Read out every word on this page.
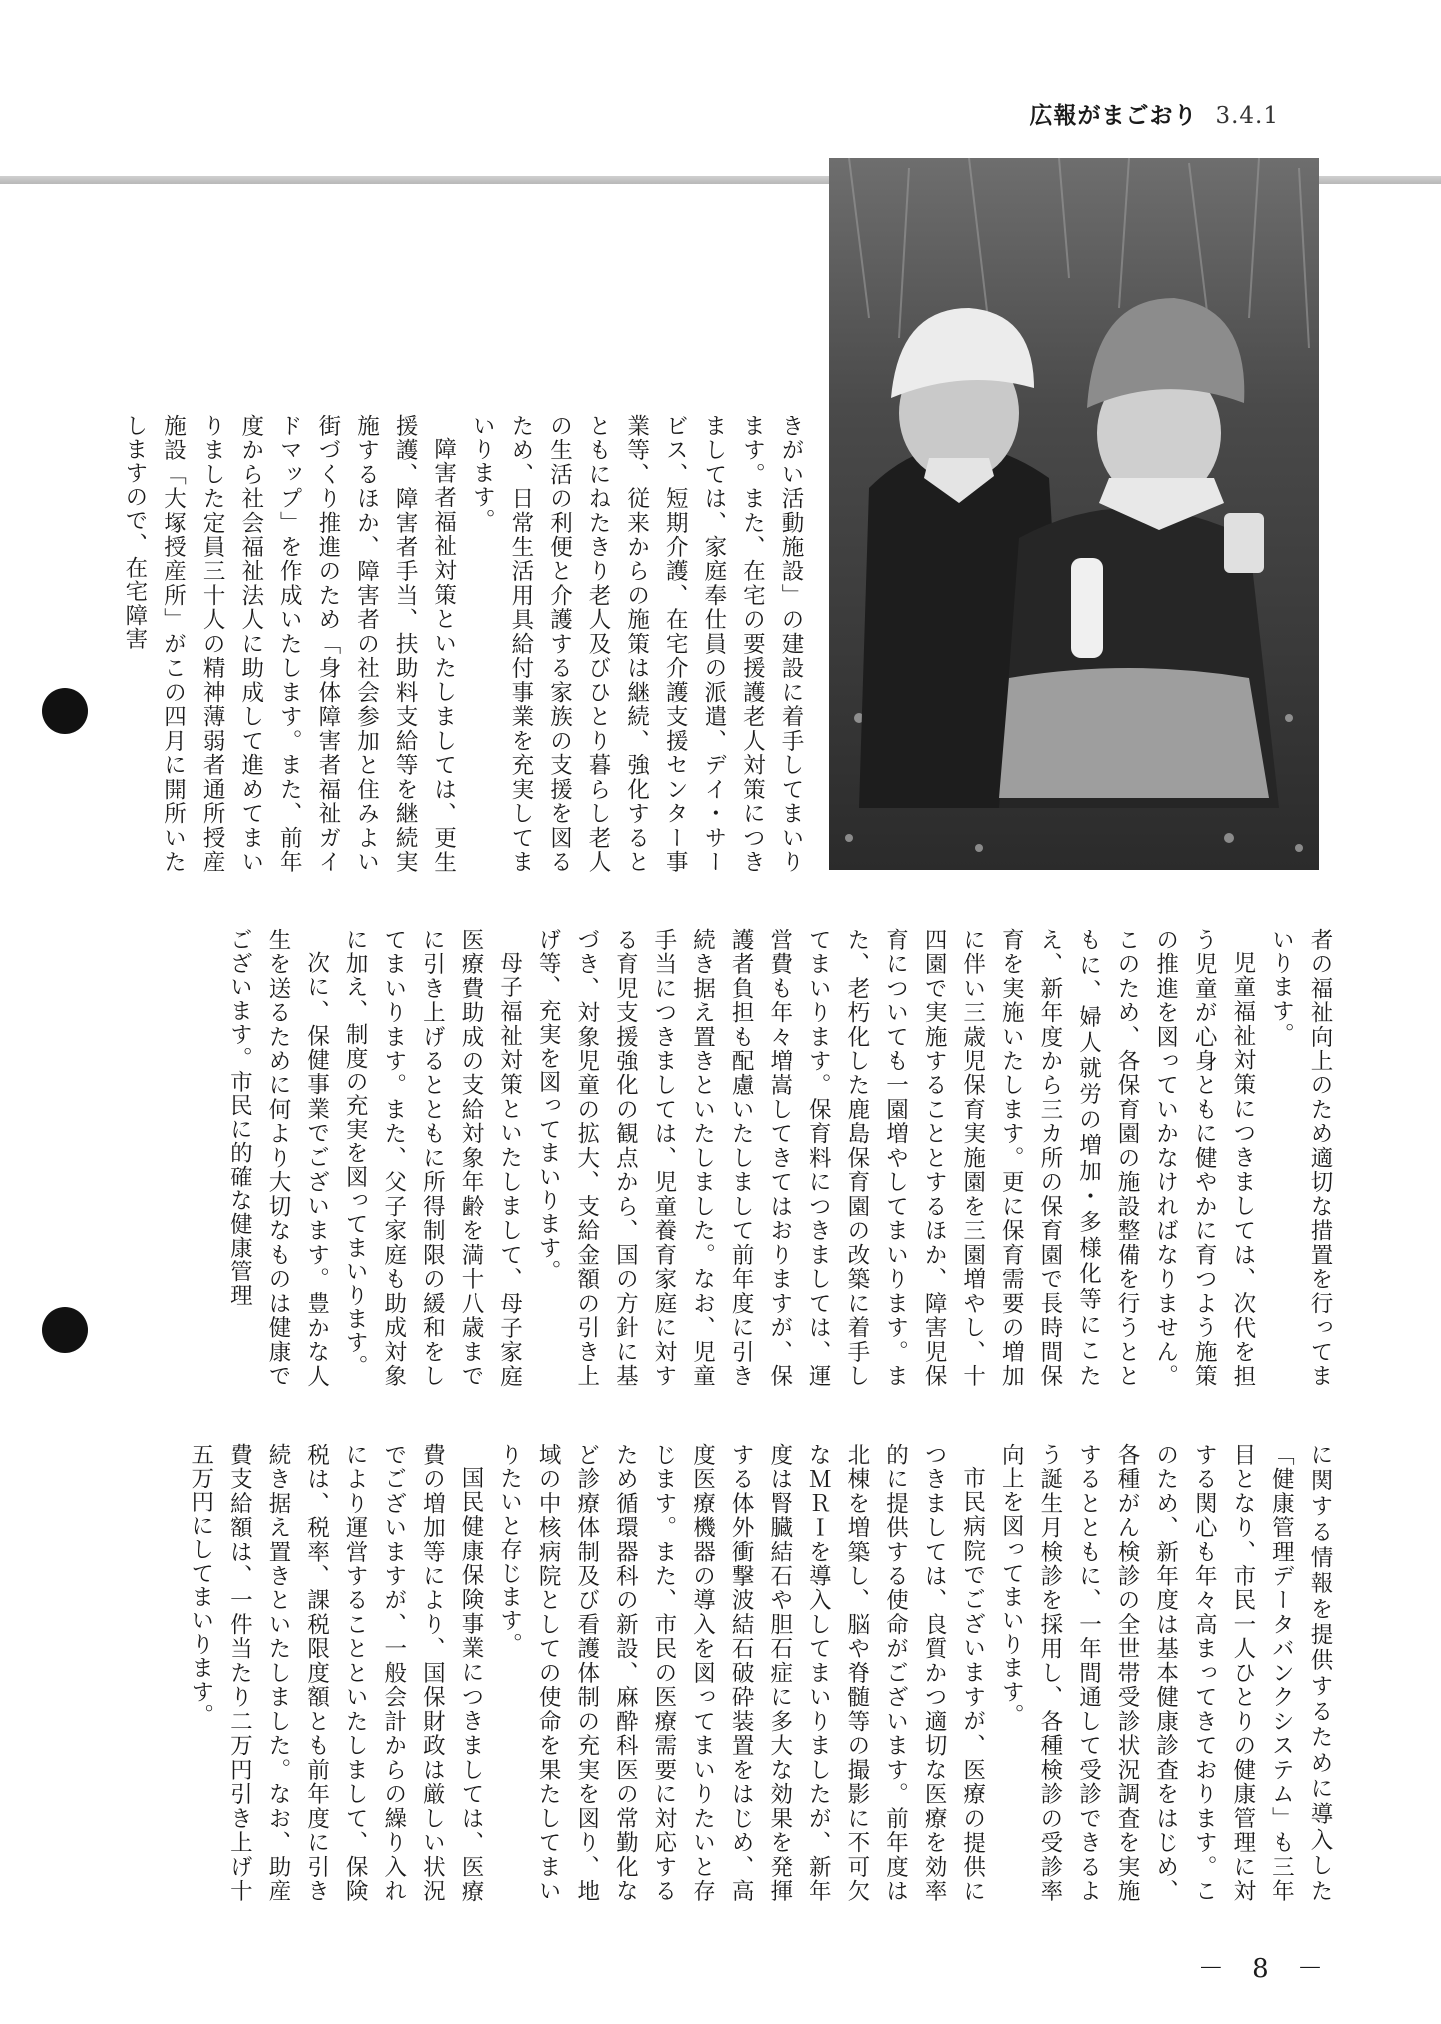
広報がまごおり 3.4.1

きがい活動施設」の建設に着手してまいります。また、在宅の要援護老人対策につきましては、家庭奉仕員の派遣、デイ・サービス、短期介護、在宅介護支援センター事業等、従来からの施策は継続、強化するとともにねたきり老人及びひとり暮らし老人の生活の利便と介護する家族の支援を図るため、日常生活用具給付事業を充実してまいります。

障害者福祉対策といたしましては、更生援護、障害者手当、扶助料支給等を継続実施するほか、障害者の社会参加と住みよい街づくり推進のため「身体障害者福祉ガイドマップ」を作成いたします。また、前年度から社会福祉法人に助成して進めてまいりました定員三十人の精神薄弱者通所授産施設「大塚授産所」がこの四月に開所いたしますので、在宅障害

者の福祉向上のため適切な措置を行ってまいります。

児童福祉対策につきましては、次代を担う児童が心身ともに健やかに育つよう施策の推進を図っていかなければなりません。このため、各保育園の施設整備を行うとともに、婦人就労の増加・多様化等にこたえ、新年度から三カ所の保育園で長時間保育を実施いたします。更に保育需要の増加に伴い三歳児保育実施園を三園増やし、十四園で実施することとするほか、障害児保育についても一園増やしてまいります。また、老朽化した鹿島保育園の改築に着手してまいります。保育料につきましては、運営費も年々増嵩してきてはおりますが、保護者負担も配慮いたしまして前年度に引き続き据え置きといたしました。なお、児童手当につきましては、児童養育家庭に対する育児支援強化の観点から、国の方針に基づき、対象児童の拡大、支給金額の引き上げ等、充実を図ってまいります。

母子福祉対策といたしまして、母子家庭医療費助成の支給対象年齢を満十八歳までに引き上げるとともに所得制限の緩和をしてまいります。また、父子家庭も助成対象に加え、制度の充実を図ってまいります。

次に、保健事業でございます。豊かな人生を送るために何より大切なものは健康でございます。市民に的確な健康管理

に関する情報を提供するために導入した「健康管理データバンクシステム」も三年目となり、市民一人ひとりの健康管理に対する関心も年々高まってきております。このため、新年度は基本健康診査をはじめ、各種がん検診の全世帯受診状況調査を実施するとともに、一年間通して受診できるよう誕生月検診を採用し、各種検診の受診率向上を図ってまいります。

市民病院でございますが、医療の提供につきましては、良質かつ適切な医療を効率的に提供する使命がございます。前年度は北棟を増築し、脳や脊髄等の撮影に不可欠なＭＲＩを導入してまいりましたが、新年度は腎臓結石や胆石症に多大な効果を発揮する体外衝撃波結石破砕装置をはじめ、高度医療機器の導入を図ってまいりたいと存じます。また、市民の医療需要に対応するため循環器科の新設、麻酔科医の常勤化など診療体制及び看護体制の充実を図り、地域の中核病院としての使命を果たしてまいりたいと存じます。

国民健康保険事業につきましては、医療費の増加等により、国保財政は厳しい状況でございますが、一般会計からの繰り入れにより運営することといたしまして、保険税は、税率、課税限度額とも前年度に引き続き据え置きといたしました。なお、助産費支給額は、一件当たり二万円引き上げ十五万円にしてまいります。

－ 8 －
